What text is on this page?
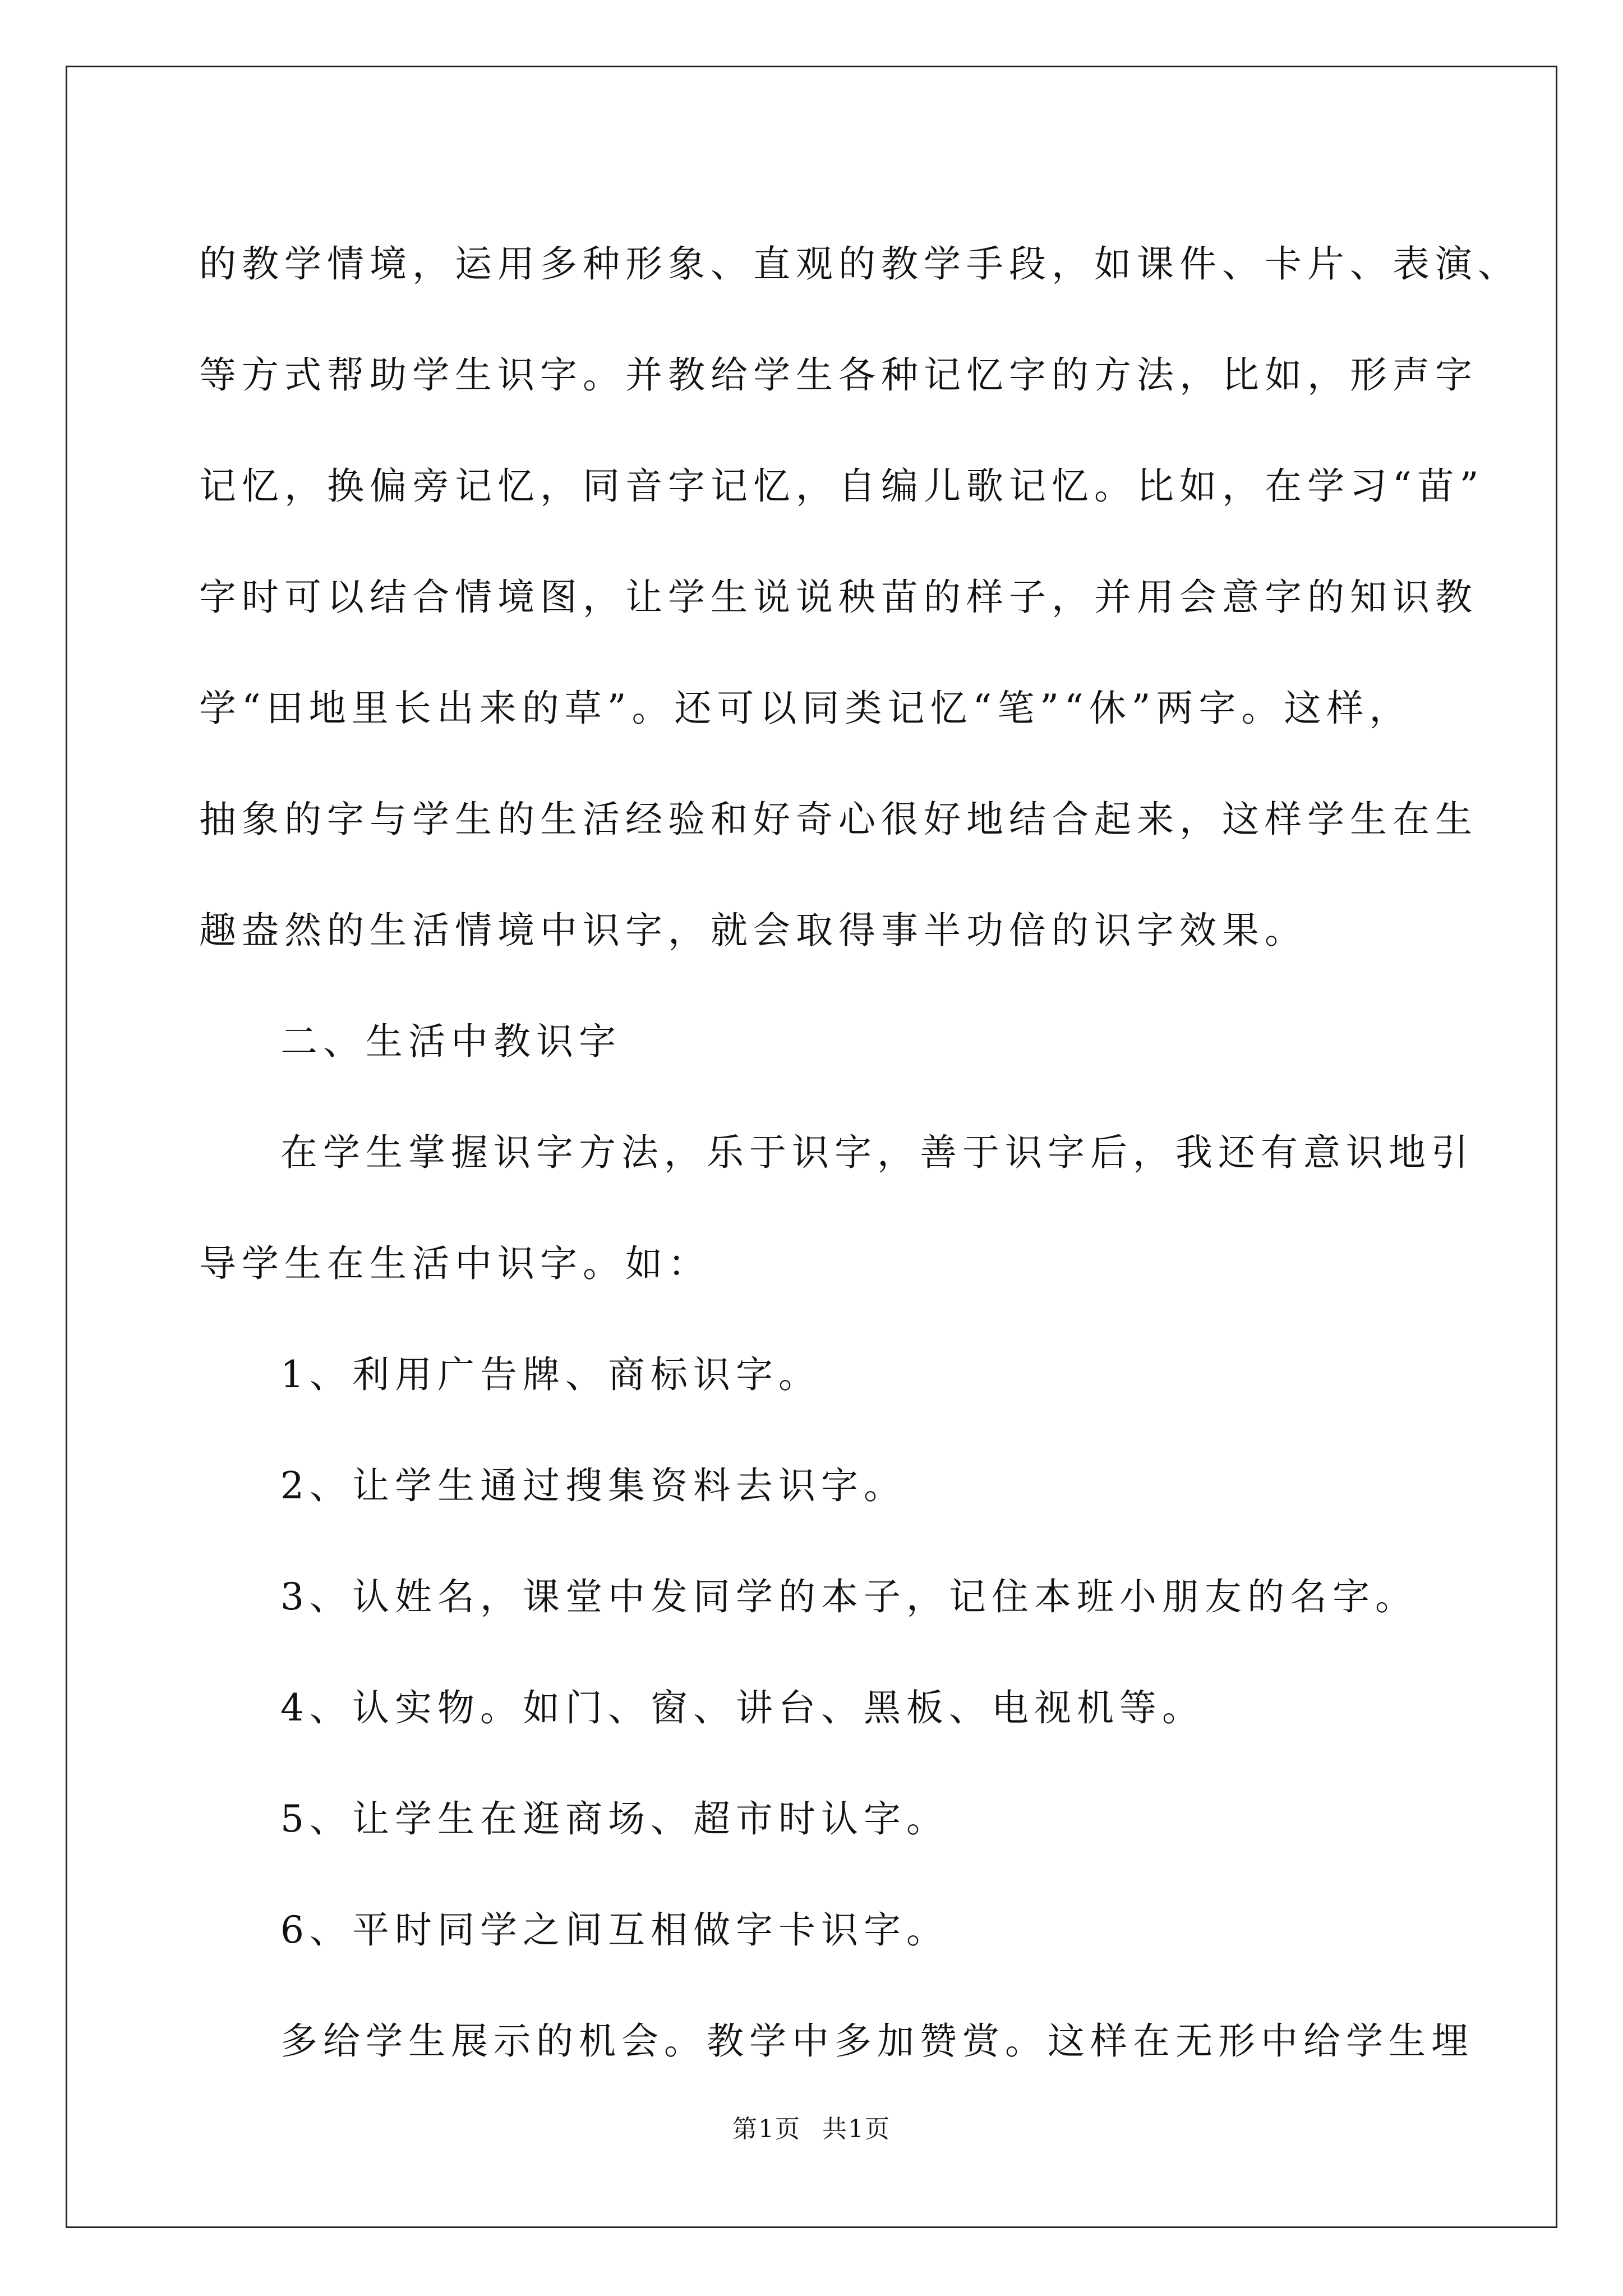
的教学情境，运用多种形象、直观的教学手段，如课件、卡片、表演、
等方式帮助学生识字。并教给学生各种记忆字的方法，比如，形声字
记忆，换偏旁记忆，同音字记忆，自编儿歌记忆。比如，在学习“苗”
字时可以结合情境图，让学生说说秧苗的样子，并用会意字的知识教
学“田地里长出来的草”。还可以同类记忆“笔”“休”两字。这样，
抽象的字与学生的生活经验和好奇心很好地结合起来，这样学生在生
趣盎然的生活情境中识字，就会取得事半功倍的识字效果。
二、生活中教识字
在学生掌握识字方法，乐于识字，善于识字后，我还有意识地引
导学生在生活中识字。如：
1、利用广告牌、商标识字。
2、让学生通过搜集资料去识字。
3、认姓名，课堂中发同学的本子，记住本班小朋友的名字。
4、认实物。如门、窗、讲台、黑板、电视机等。
5、让学生在逛商场、超市时认字。
6、平时同学之间互相做字卡识字。
多给学生展示的机会。教学中多加赞赏。这样在无形中给学生埋
第1页 共1页
